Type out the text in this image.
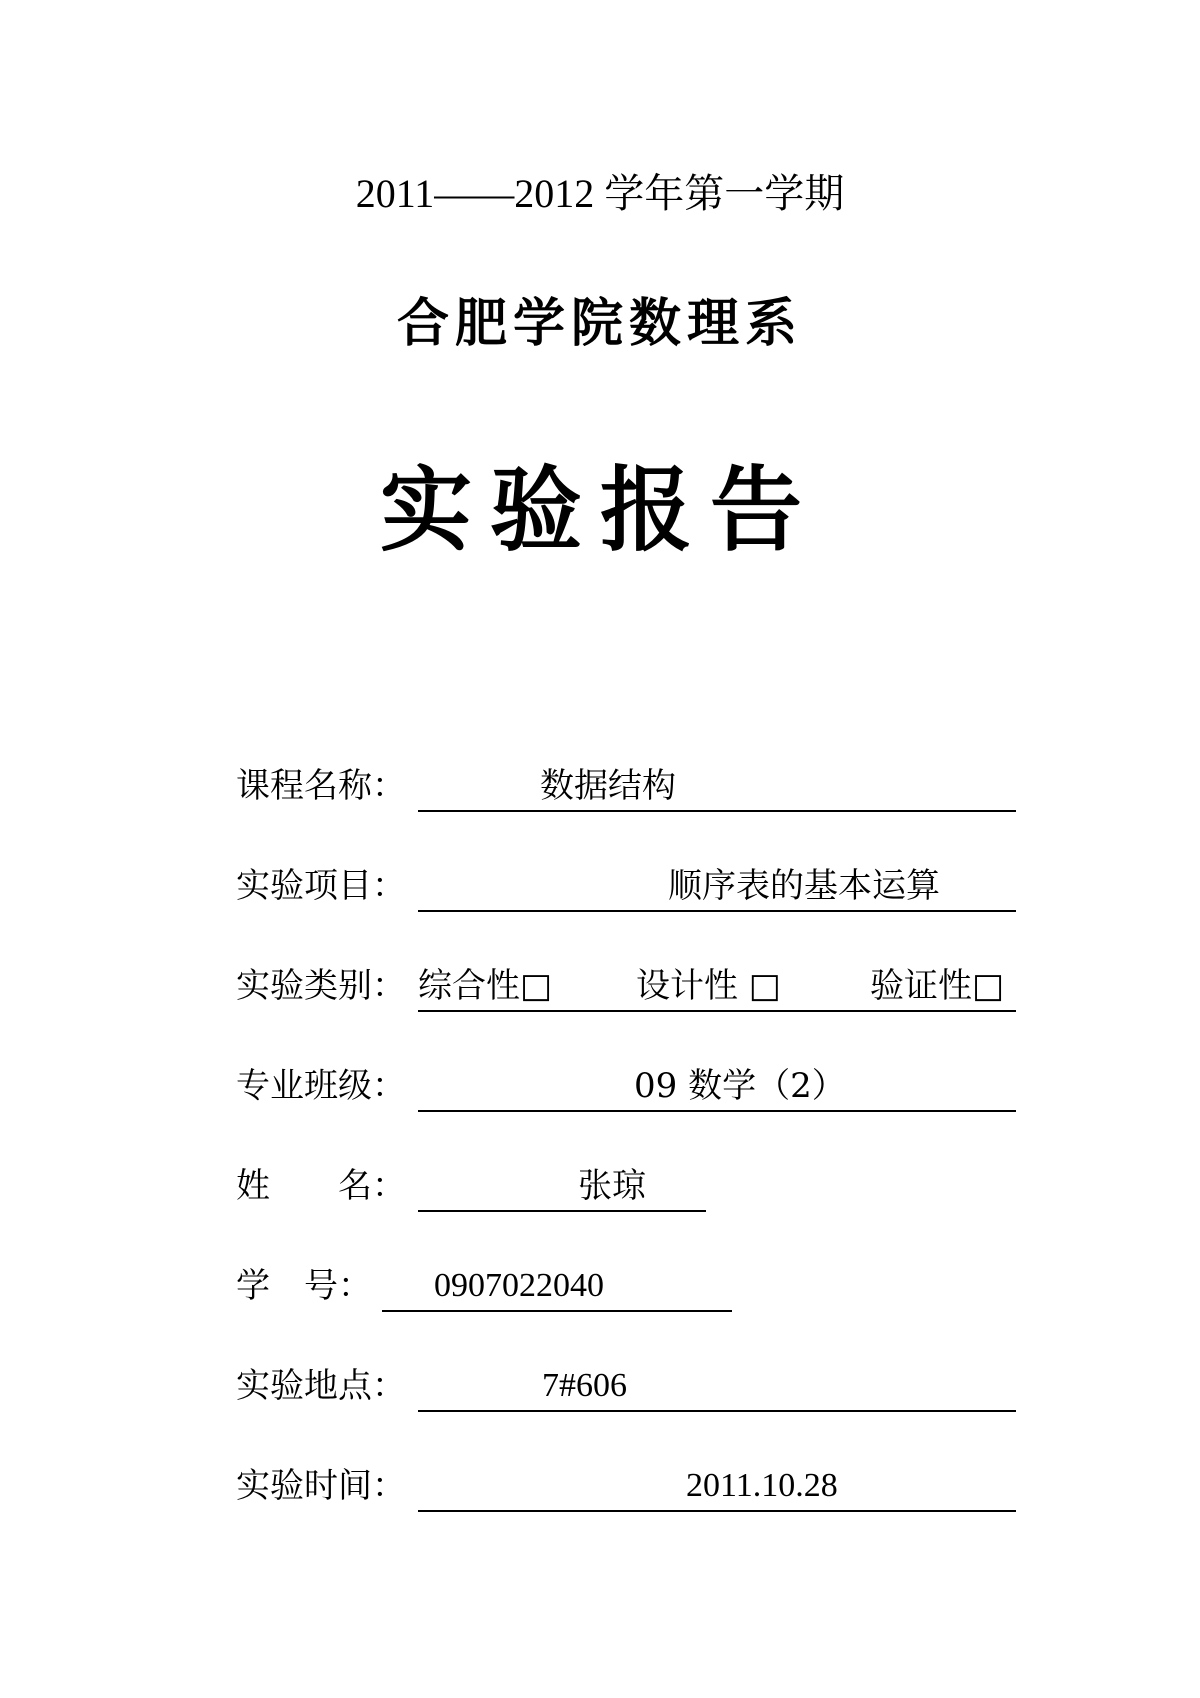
2011——2012 学年第一学期
合肥学院数理系
实验报告
课程名称：	数据结构
实验项目：	顺序表的基本运算
实验类别： 综合性□ 设计性 □	验证性□
专业班级：	09 数学（2）
姓　　名：	张琼
学　号： 0907022040
实验地点：	7#606
实验时间：	2011.10.28
